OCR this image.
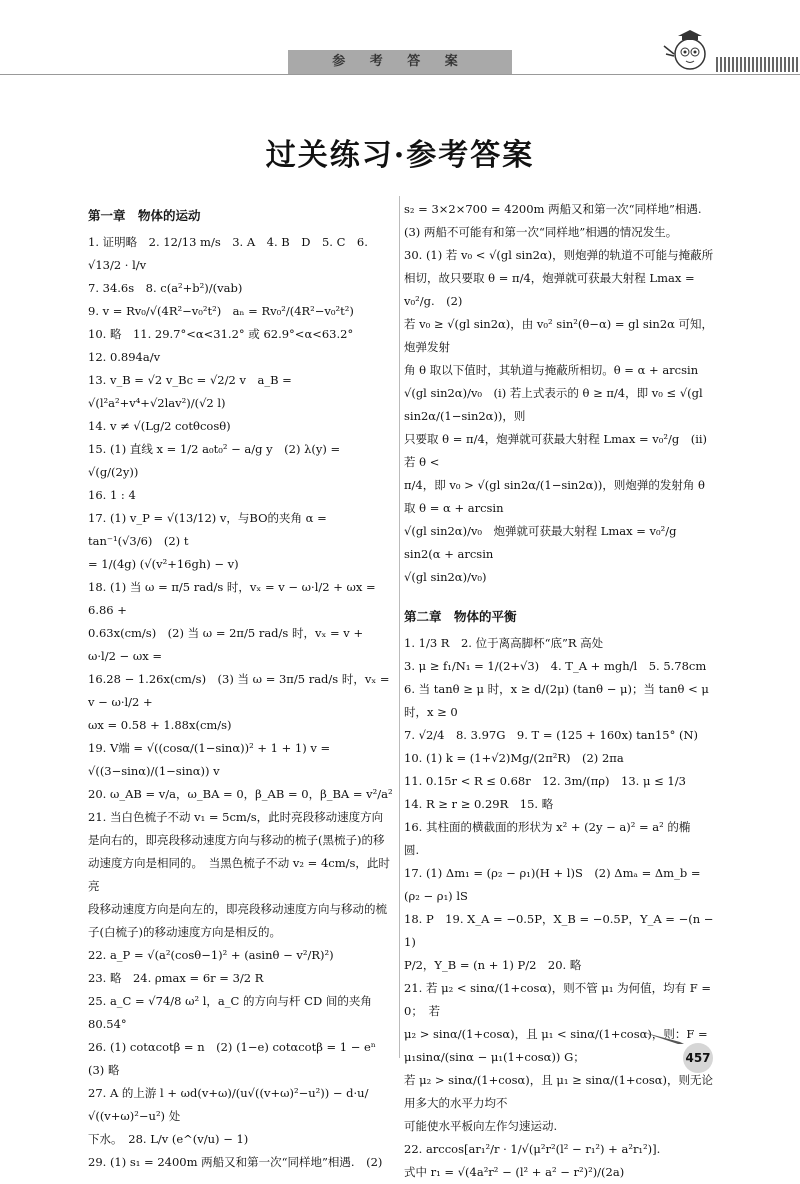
参 考 答 案
过关练习·参考答案

第一章　物体的运动

1. 证明略　2. 12/13 m/s　3. A　4. B　D　5. C　6. √13/2 · l/v

7. 34.6s　8. c(a²+b²)/(vab)

9. v = Rv₀/√(4R²−v₀²t²)　aₙ = Rv₀²/(4R²−v₀²t²)

10. 略　11. 29.7°<α<31.2° 或 62.9°<α<63.2°

12. 0.894a/v

13. v_B = √2 v_Bc = √2/2 v　a_B = √(l²a²+v⁴+√2lav²)/(√2 l)

14. v ≠ √(Lg/2 cotθcosθ)

15. (1) 直线 x = 1/2 a₀t₀² − a/g y　(2) λ(y) = √(g/(2y))

16. 1 : 4

17. (1) v_P = √(13/12) v，与BO的夹角 α = tan⁻¹(√3/6)　(2) t

= 1/(4g) (√(v²+16gh) − v)

18. (1) 当 ω = π/5 rad/s 时，vₓ = v − ω·l/2 + ωx = 6.86 +

0.63x(cm/s)　(2) 当 ω = 2π/5 rad/s 时，vₓ = v + ω·l/2 − ωx =

16.28 − 1.26x(cm/s)　(3) 当 ω = 3π/5 rad/s 时，vₓ = v − ω·l/2 +

ωx = 0.58 + 1.88x(cm/s)

19. V端 = √((cosα/(1−sinα))² + 1 + 1) v = √((3−sinα)/(1−sinα)) v

20. ω_AB = v/a，ω_BA = 0，β_AB = 0，β_BA = v²/a²

21. 当白色梳子不动 v₁ = 5cm/s，此时亮段移动速度方向

是向右的，即亮段移动速度方向与移动的梳子(黑梳子)的移

动速度方向是相同的。　当黑色梳子不动 v₂ = 4cm/s，此时亮

段移动速度方向是向左的，即亮段移动速度方向与移动的梳

子(白梳子)的移动速度方向是相反的。

22. a_P = √(a²(cosθ−1)² + (asinθ − v²/R)²)

23. 略　24. ρmax = 6r = 3/2 R

25. a_C = √74/8 ω² l，a_C 的方向与杆 CD 间的夹角 80.54°

26. (1) cotαcotβ = n　(2) (1−e) cotαcotβ = 1 − eⁿ　(3) 略

27. A 的上游 l + ωd(v+ω)/(u√((v+ω)²−u²)) − d·u/√((v+ω)²−u²) 处

下水。　28. L/v (e^(v/u) − 1)

29. (1) s₁ = 2400m 两船又和第一次“同样地”相遇.　(2)

s₂ = 3×2×700 = 4200m 两船又和第一次“同样地”相遇.

(3) 两船不可能有和第一次“同样地”相遇的情况发生。

30. (1) 若 v₀ < √(gl sin2α)，则炮弹的轨道不可能与掩蔽所

相切，故只要取 θ = π/4，炮弹就可获最大射程 Lmax = v₀²/g.　(2)

若 v₀ ≥ √(gl sin2α)，由 v₀² sin²(θ−α) = gl sin2α 可知，炮弹发射

角 θ 取以下值时，其轨道与掩蔽所相切。θ = α + arcsin

√(gl sin2α)/v₀　(i) 若上式表示的 θ ≥ π/4，即 v₀ ≤ √(gl sin2α/(1−sin2α))，则

只要取 θ = π/4，炮弹就可获最大射程 Lmax = v₀²/g　(ii) 若 θ <

π/4，即 v₀ > √(gl sin2α/(1−sin2α))，则炮弹的发射角 θ 取 θ = α + arcsin

√(gl sin2α)/v₀　炮弹就可获最大射程 Lmax = v₀²/g sin2(α + arcsin

√(gl sin2α)/v₀)

第二章　物体的平衡

1. 1/3 R　2. 位于离高脚杯“底”R 高处

3. μ ≥ f₁/N₁ = 1/(2+√3)　4. T_A + mgh/l　5. 5.78cm

6. 当 tanθ ≥ μ 时，x ≥ d/(2μ) (tanθ − μ)；当 tanθ < μ 时，x ≥ 0

7. √2/4　8. 3.97G　9. T = (125 + 160x) tan15° (N)

10. (1) k = (1+√2)Mg/(2π²R)　(2) 2πa

11. 0.15r < R ≤ 0.68r　12. 3m/(πρ)　13. μ ≤ 1/3

14. R ≥ r ≥ 0.29R　15. 略

16. 其柱面的横截面的形状为 x² + (2y − a)² = a² 的椭

圆.

17. (1) Δm₁ = (ρ₂ − ρ₁)(H + l)S　(2) Δmₐ = Δm_b = (ρ₂ − ρ₁) lS

18. P　19. X_A = −0.5P，X_B = −0.5P，Y_A = −(n − 1)

P/2，Y_B = (n + 1) P/2　20. 略

21. 若 μ₂ < sinα/(1+cosα)，则不管 μ₁ 为何值，均有 F = 0；　若

μ₂ > sinα/(1+cosα)，且 μ₁ < sinα/(1+cosα)，则：F = μ₁sinα/(sinα − μ₁(1+cosα)) G；

若 μ₂ > sinα/(1+cosα)，且 μ₁ ≥ sinα/(1+cosα)，则无论用多大的水平力均不

可能使水平板向左作匀速运动.

22. arccos[ar₁²/r · 1/√(μ²r²(l² − r₁²) + a²r₁²)].

式中 r₁ = √(4a²r² − (l² + a² − r²)²)/(2a)

457
